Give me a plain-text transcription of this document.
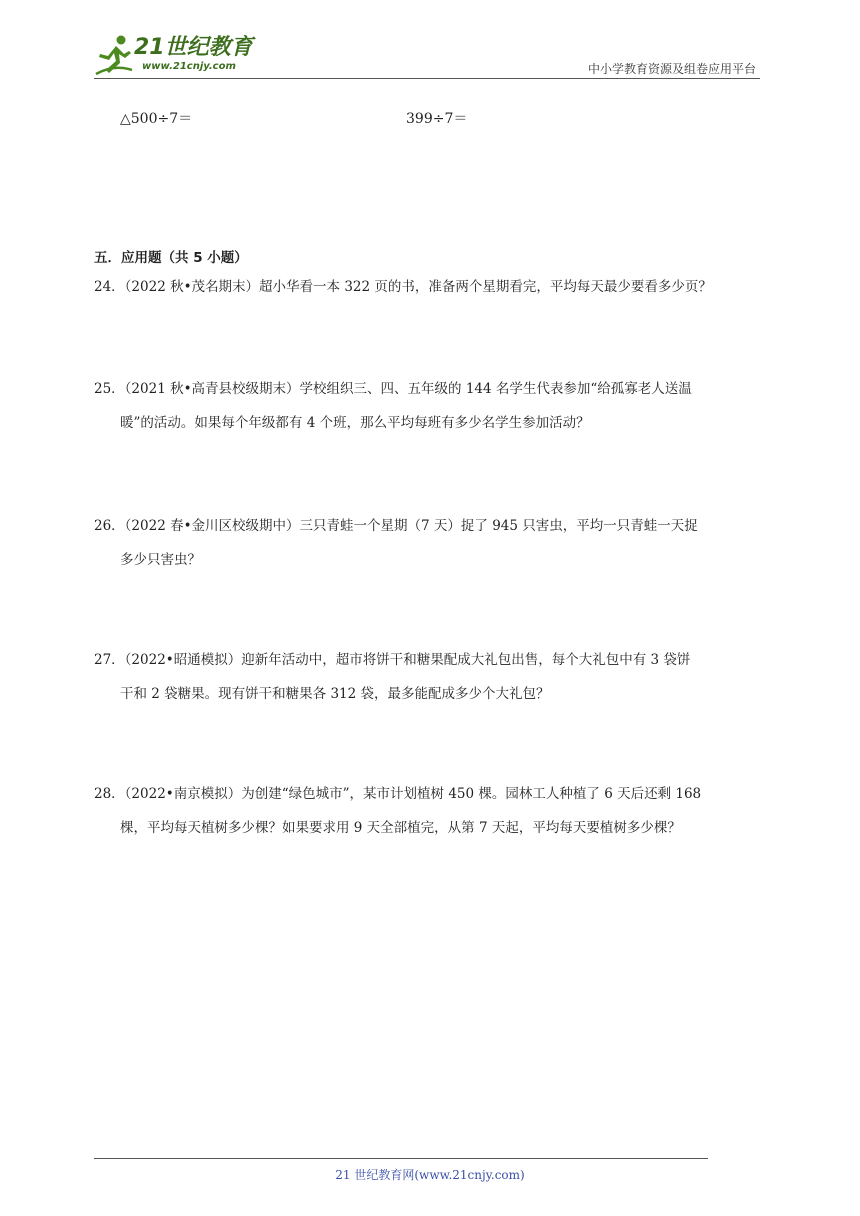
21世纪教育
www.21cnjy.com	中小学教育资源及组卷应用平台
△500÷7＝	399÷7＝
五．应用题（共 5 小题）
24．（2022 秋•茂名期末）超小华看一本 322 页的书，准备两个星期看完，平均每天最少要看多少页？
25．（2021 秋•高青县校级期末）学校组织三、四、五年级的 144 名学生代表参加“给孤寡老人送温
暖”的活动。如果每个年级都有 4 个班，那么平均每班有多少名学生参加活动？
26．（2022 春•金川区校级期中）三只青蛙一个星期（7 天）捉了 945 只害虫，平均一只青蛙一天捉
多少只害虫？
27．（2022•昭通模拟）迎新年活动中，超市将饼干和糖果配成大礼包出售，每个大礼包中有 3 袋饼
干和 2 袋糖果。现有饼干和糖果各 312 袋，最多能配成多少个大礼包？
28．（2022•南京模拟）为创建“绿色城市”，某市计划植树 450 棵。园林工人种植了 6 天后还剩 168
棵，平均每天植树多少棵？如果要求用 9 天全部植完，从第 7 天起，平均每天要植树多少棵？
21 世纪教育网(www.21cnjy.com)
